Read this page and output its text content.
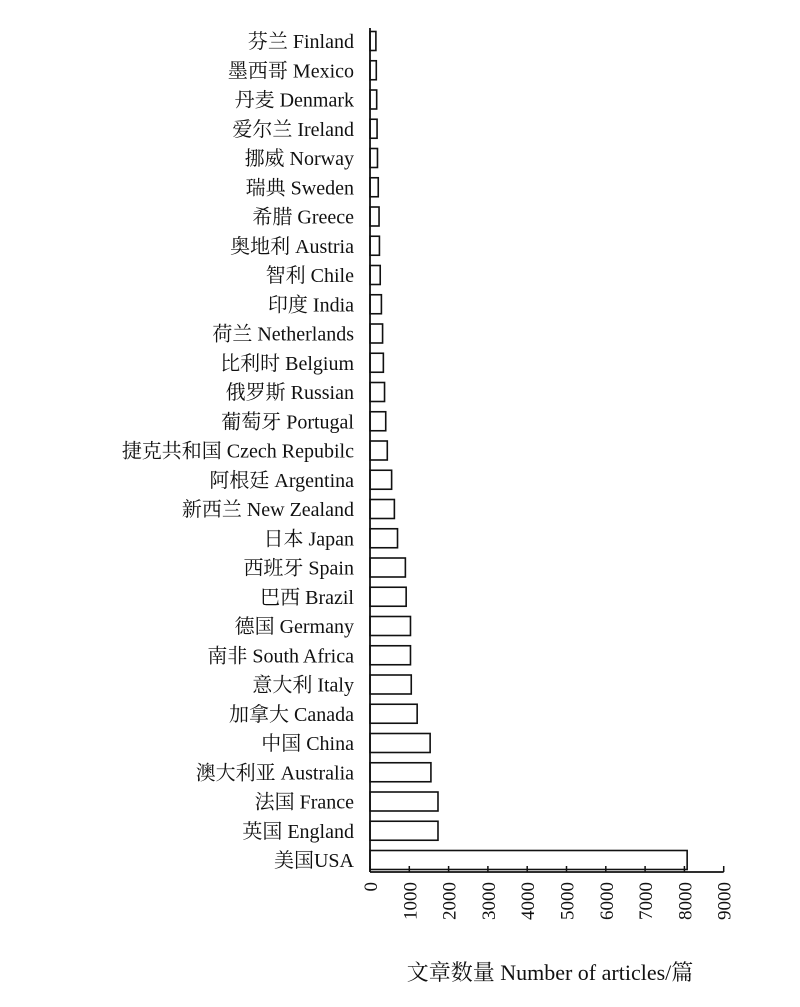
芬兰 Finland
墨西哥 Mexico
丹麦 Denmark
爱尔兰 Ireland
挪威 Norway
瑞典 Sweden
希腊 Greece
奥地利 Austria
智利 Chile
印度 India
荷兰 Netherlands
比利时 Belgium
俄罗斯 Russian
葡萄牙 Portugal
捷克共和国 Czech Repubilc
阿根廷 Argentina
新西兰 New Zealand
日本 Japan
西班牙 Spain
巴西 Brazil
德国 Germany
南非 South Africa
意大利 Italy
加拿大 Canada
中国 China
澳大利亚 Australia
法国 France
英国 England
美国USA
0 1000 2000 3000 4000 5000 6000 7000 8000 9000
文章数量 Number of articles/篇
